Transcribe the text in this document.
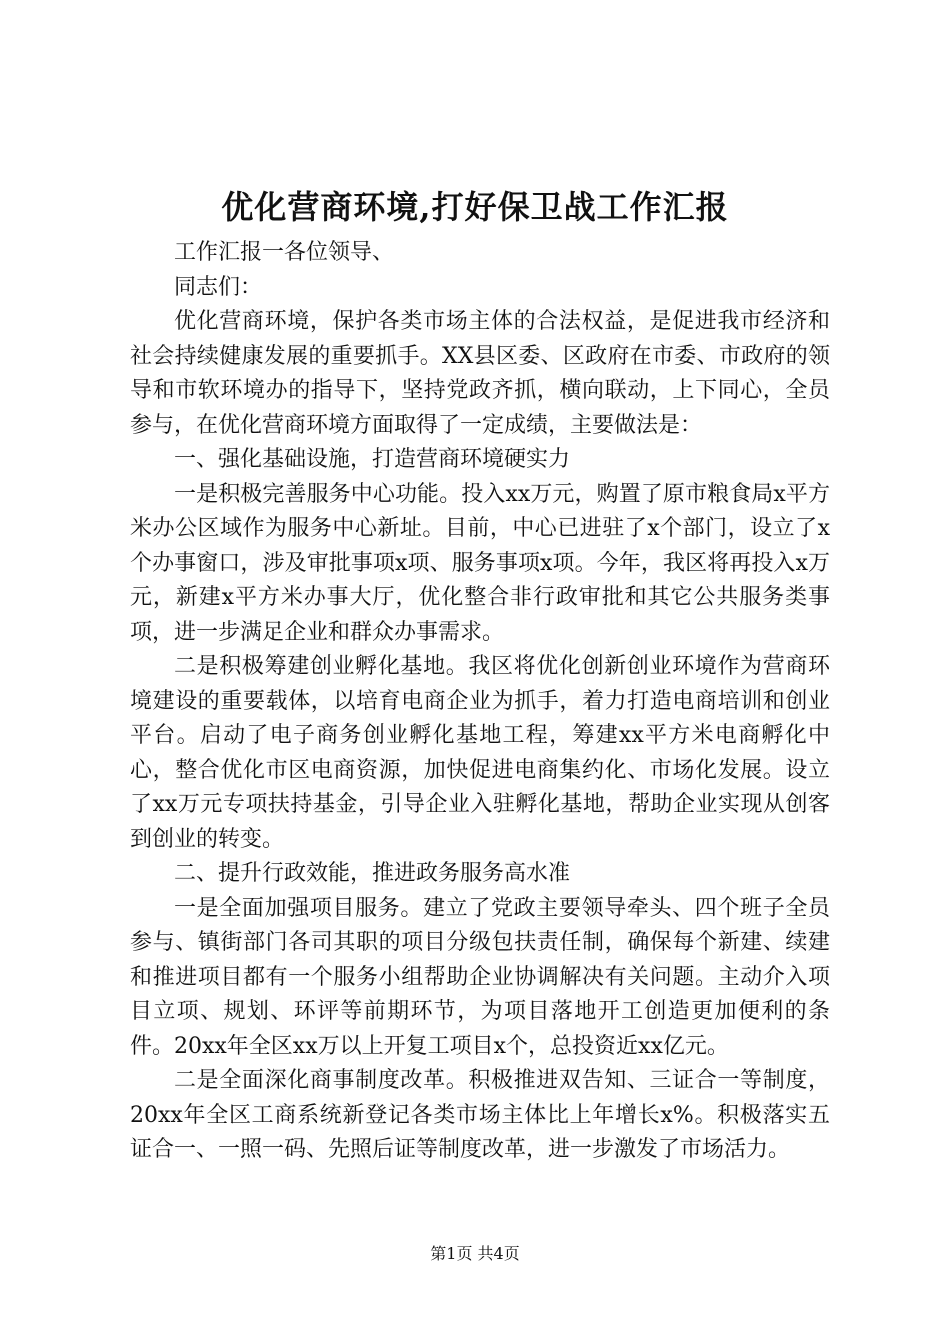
优化营商环境,打好保卫战工作汇报

工作汇报一各位领导、

同志们：

优化营商环境，保护各类市场主体的合法权益，是促进我市经济和社会持续健康发展的重要抓手。XX县区委、区政府在市委、市政府的领导和市软环境办的指导下，坚持党政齐抓，横向联动，上下同心，全员参与，在优化营商环境方面取得了一定成绩，主要做法是：

一、强化基础设施，打造营商环境硬实力

一是积极完善服务中心功能。投入xx万元，购置了原市粮食局x平方米办公区域作为服务中心新址。目前，中心已进驻了x个部门，设立了x个办事窗口，涉及审批事项x项、服务事项x项。今年，我区将再投入x万元，新建x平方米办事大厅，优化整合非行政审批和其它公共服务类事项，进一步满足企业和群众办事需求。

二是积极筹建创业孵化基地。我区将优化创新创业环境作为营商环境建设的重要载体，以培育电商企业为抓手，着力打造电商培训和创业平台。启动了电子商务创业孵化基地工程，筹建xx平方米电商孵化中心，整合优化市区电商资源，加快促进电商集约化、市场化发展。设立了xx万元专项扶持基金，引导企业入驻孵化基地，帮助企业实现从创客到创业的转变。

二、提升行政效能，推进政务服务高水准

一是全面加强项目服务。建立了党政主要领导牵头、四个班子全员参与、镇街部门各司其职的项目分级包扶责任制，确保每个新建、续建和推进项目都有一个服务小组帮助企业协调解决有关问题。主动介入项目立项、规划、环评等前期环节，为项目落地开工创造更加便利的条件。20xx年全区xx万以上开复工项目x个，总投资近xx亿元。

二是全面深化商事制度改革。积极推进双告知、三证合一等制度，20xx年全区工商系统新登记各类市场主体比上年增长x%。积极落实五证合一、一照一码、先照后证等制度改革，进一步激发了市场活力。

第1页 共4页
